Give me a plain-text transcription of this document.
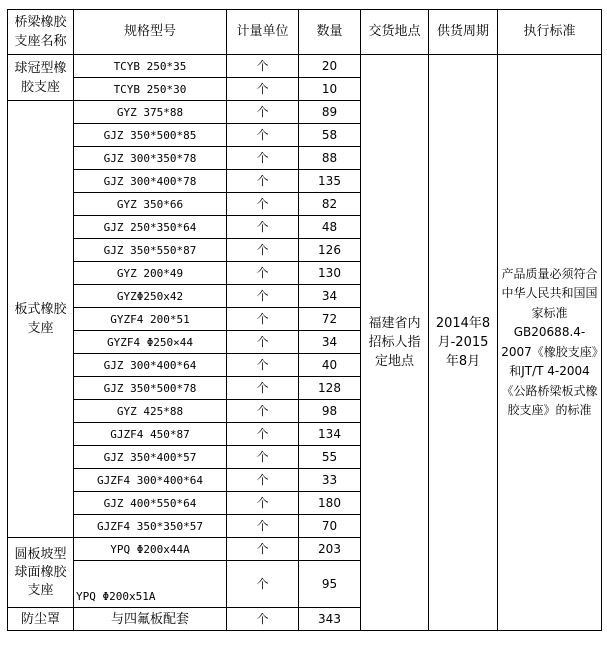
桥梁橡胶支座名称	规格型号	计量单位	数量	交货地点	供货周期	执行标准
球冠型橡胶支座	TCYB 250*35	个	20	福建省内招标人指定地点	2014年8月-2015年8月	产品质量必须符合中华人民共和国国家标准GB20688.4-2007《橡胶支座》和JT/T 4-2004《公路桥梁板式橡胶支座》的标准
	TCYB 250*30	个	10			
板式橡胶支座	GYZ 375*88	个	89			
	GJZ 350*500*85	个	58			
	GJZ 300*350*78	个	88			
	GJZ 300*400*78	个	135			
	GYZ 350*66	个	82			
	GJZ 250*350*64	个	48			
	GJZ 350*550*87	个	126			
	GYZ 200*49	个	130			
	GYZΦ250x42	个	34			
	GYZF4 200*51	个	72			
	GYZF4 Φ250×44	个	34			
	GJZ 300*400*64	个	40			
	GJZ 350*500*78	个	128			
	GYZ 425*88	个	98			
	GJZF4 450*87	个	134			
	GJZ 350*400*57	个	55			
	GJZF4 300*400*64	个	33			
	GJZ 400*550*64	个	180			
	GJZF4 350*350*57	个	70			
圆板坡型球面橡胶支座	YPQ Φ200x44A	个	203			
	YPQ Φ200x51A	个	95			
防尘罩	与四氟板配套	个	343			
